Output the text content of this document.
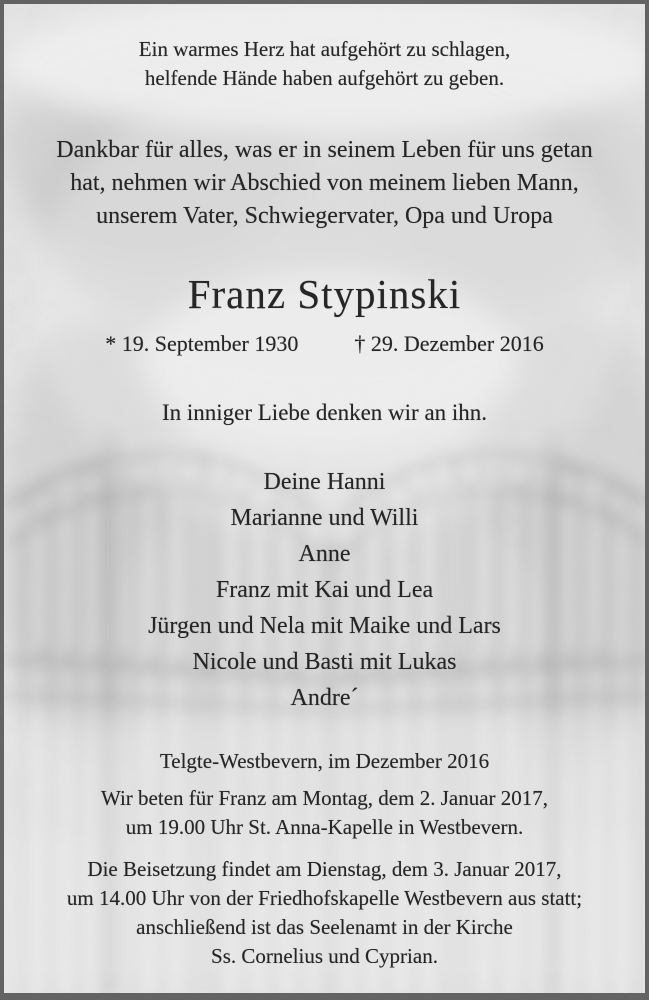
Ein warmes Herz hat aufgehört zu schlagen,
helfende Hände haben aufgehört zu geben.
Dankbar für alles, was er in seinem Leben für uns getan
hat, nehmen wir Abschied von meinem lieben Mann,
unserem Vater, Schwiegervater, Opa und Uropa
Franz Stypinski
* 19. September 1930	† 29. Dezember 2016
In inniger Liebe denken wir an ihn.
Deine Hanni
Marianne und Willi
Anne
Franz mit Kai und Lea
Jürgen und Nela mit Maike und Lars
Nicole und Basti mit Lukas
Andre´
Telgte-Westbevern, im Dezember 2016
Wir beten für Franz am Montag, dem 2. Januar 2017,
um 19.00 Uhr St. Anna-Kapelle in Westbevern.
Die Beisetzung findet am Dienstag, dem 3. Januar 2017,
um 14.00 Uhr von der Friedhofskapelle Westbevern aus statt;
anschließend ist das Seelenamt in der Kirche
Ss. Cornelius und Cyprian.
